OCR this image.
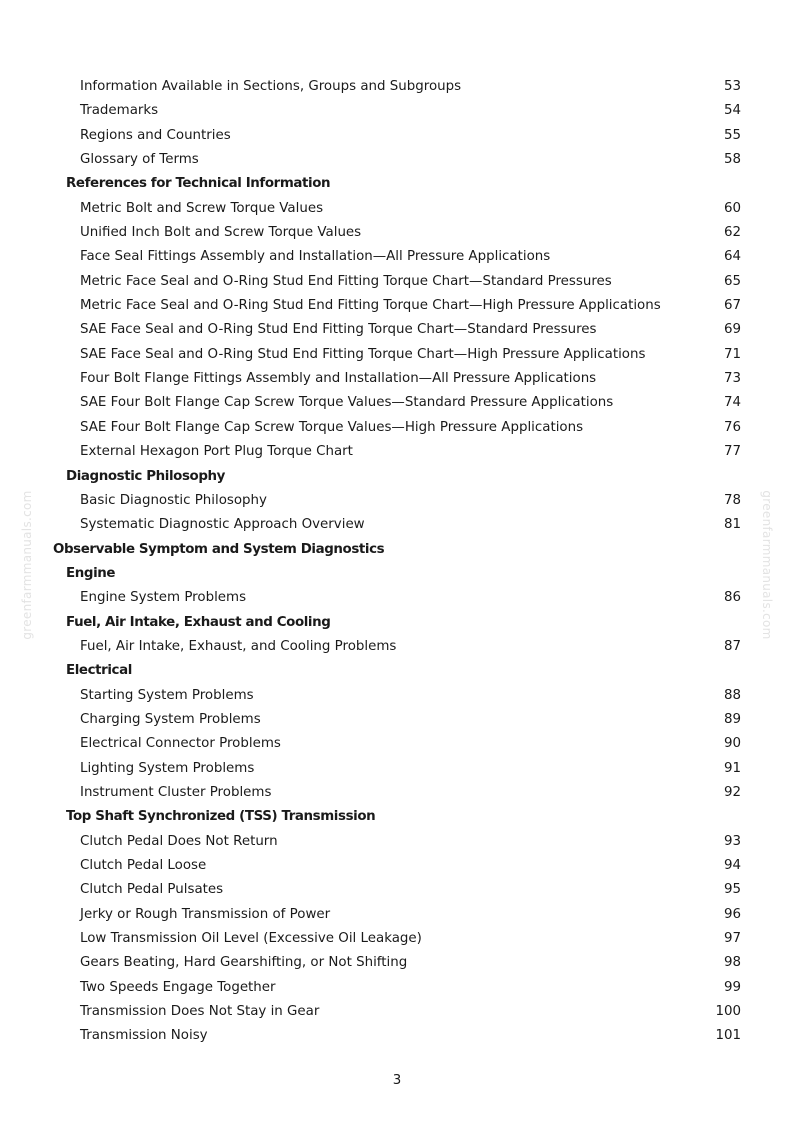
Information Available in Sections, Groups and Subgroups	53
Trademarks	54
Regions and Countries	55
Glossary of Terms	58
References for Technical Information
Metric Bolt and Screw Torque Values	60
Unified Inch Bolt and Screw Torque Values	62
Face Seal Fittings Assembly and Installation—All Pressure Applications	64
Metric Face Seal and O-Ring Stud End Fitting Torque Chart—Standard Pressures	65
Metric Face Seal and O-Ring Stud End Fitting Torque Chart—High Pressure Applications	67
SAE Face Seal and O-Ring Stud End Fitting Torque Chart—Standard Pressures	69
SAE Face Seal and O-Ring Stud End Fitting Torque Chart—High Pressure Applications	71
Four Bolt Flange Fittings Assembly and Installation—All Pressure Applications	73
SAE Four Bolt Flange Cap Screw Torque Values—Standard Pressure Applications	74
SAE Four Bolt Flange Cap Screw Torque Values—High Pressure Applications	76
External Hexagon Port Plug Torque Chart	77
Diagnostic Philosophy
Basic Diagnostic Philosophy	78
Systematic Diagnostic Approach Overview	81
Observable Symptom and System Diagnostics
Engine
Engine System Problems	86
Fuel, Air Intake, Exhaust and Cooling
Fuel, Air Intake, Exhaust, and Cooling Problems	87
Electrical
Starting System Problems	88
Charging System Problems	89
Electrical Connector Problems	90
Lighting System Problems	91
Instrument Cluster Problems	92
Top Shaft Synchronized (TSS) Transmission
Clutch Pedal Does Not Return	93
Clutch Pedal Loose	94
Clutch Pedal Pulsates	95
Jerky or Rough Transmission of Power	96
Low Transmission Oil Level (Excessive Oil Leakage)	97
Gears Beating, Hard Gearshifting, or Not Shifting	98
Two Speeds Engage Together	99
Transmission Does Not Stay in Gear	100
Transmission Noisy	101
greenfarmmanuals.com	greenfarmmanuals.com
3
